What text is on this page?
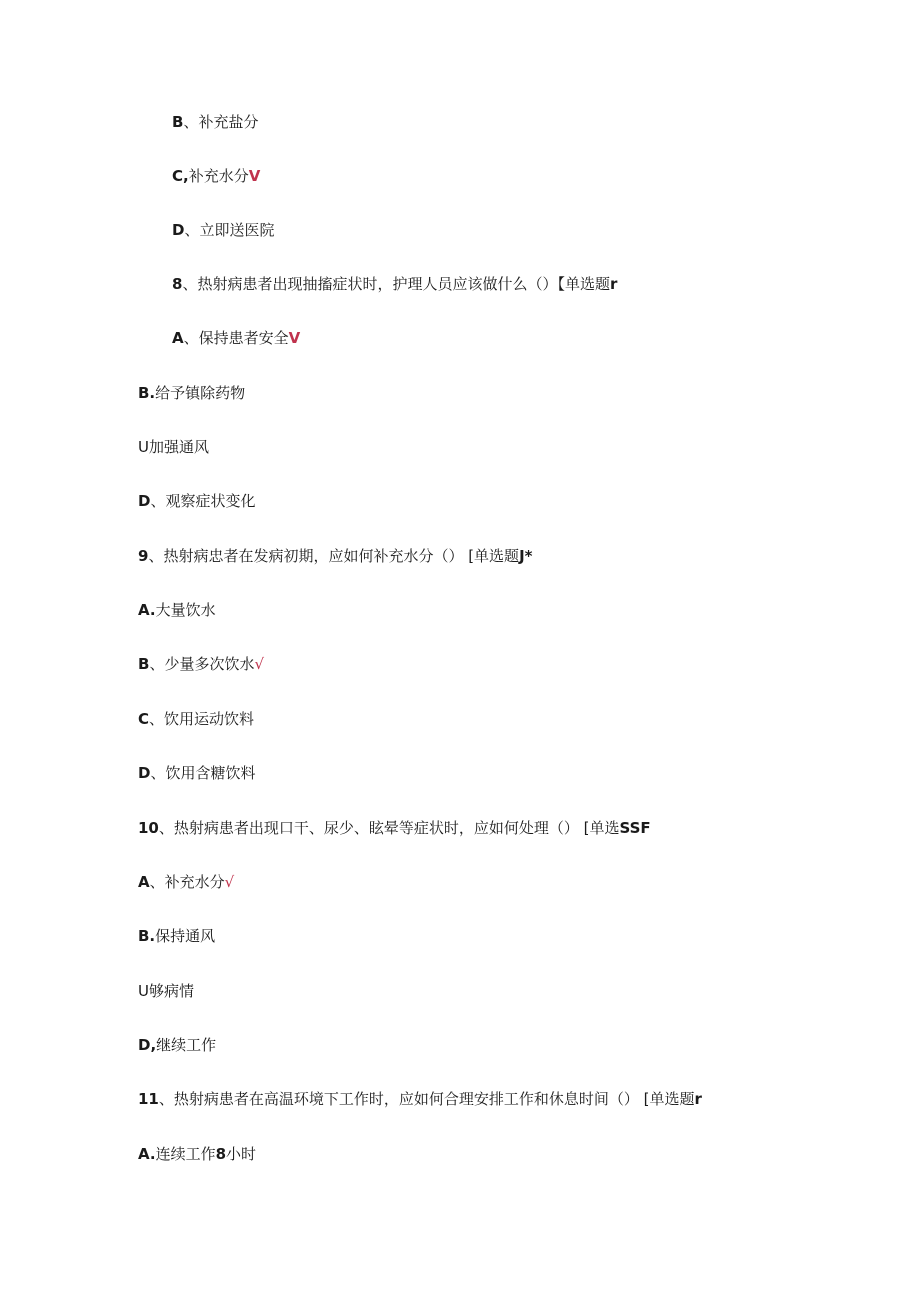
B、补充盐分
C,补充水分V
D、立即送医院
8、热射病患者出现抽搐症状时，护理人员应该做什么（）【单选题r
A、保持患者安全V
B.给予镇除药物
U加强通风
D、观察症状变化
9、热射病忠者在发病初期，应如何补充水分（） [单选题J*
A.大量饮水
B、少量多次饮水√
C、饮用运动饮料
D、饮用含糖饮料
10、热射病患者出现口干、尿少、眩晕等症状时，应如何处理（） [单选SSF
A、补充水分√
B.保持通风
U够病情
D,继续工作
11、热射病患者在高温环境下工作时，应如何合理安排工作和休息时间（） [单选题r
A.连续工作8小时
